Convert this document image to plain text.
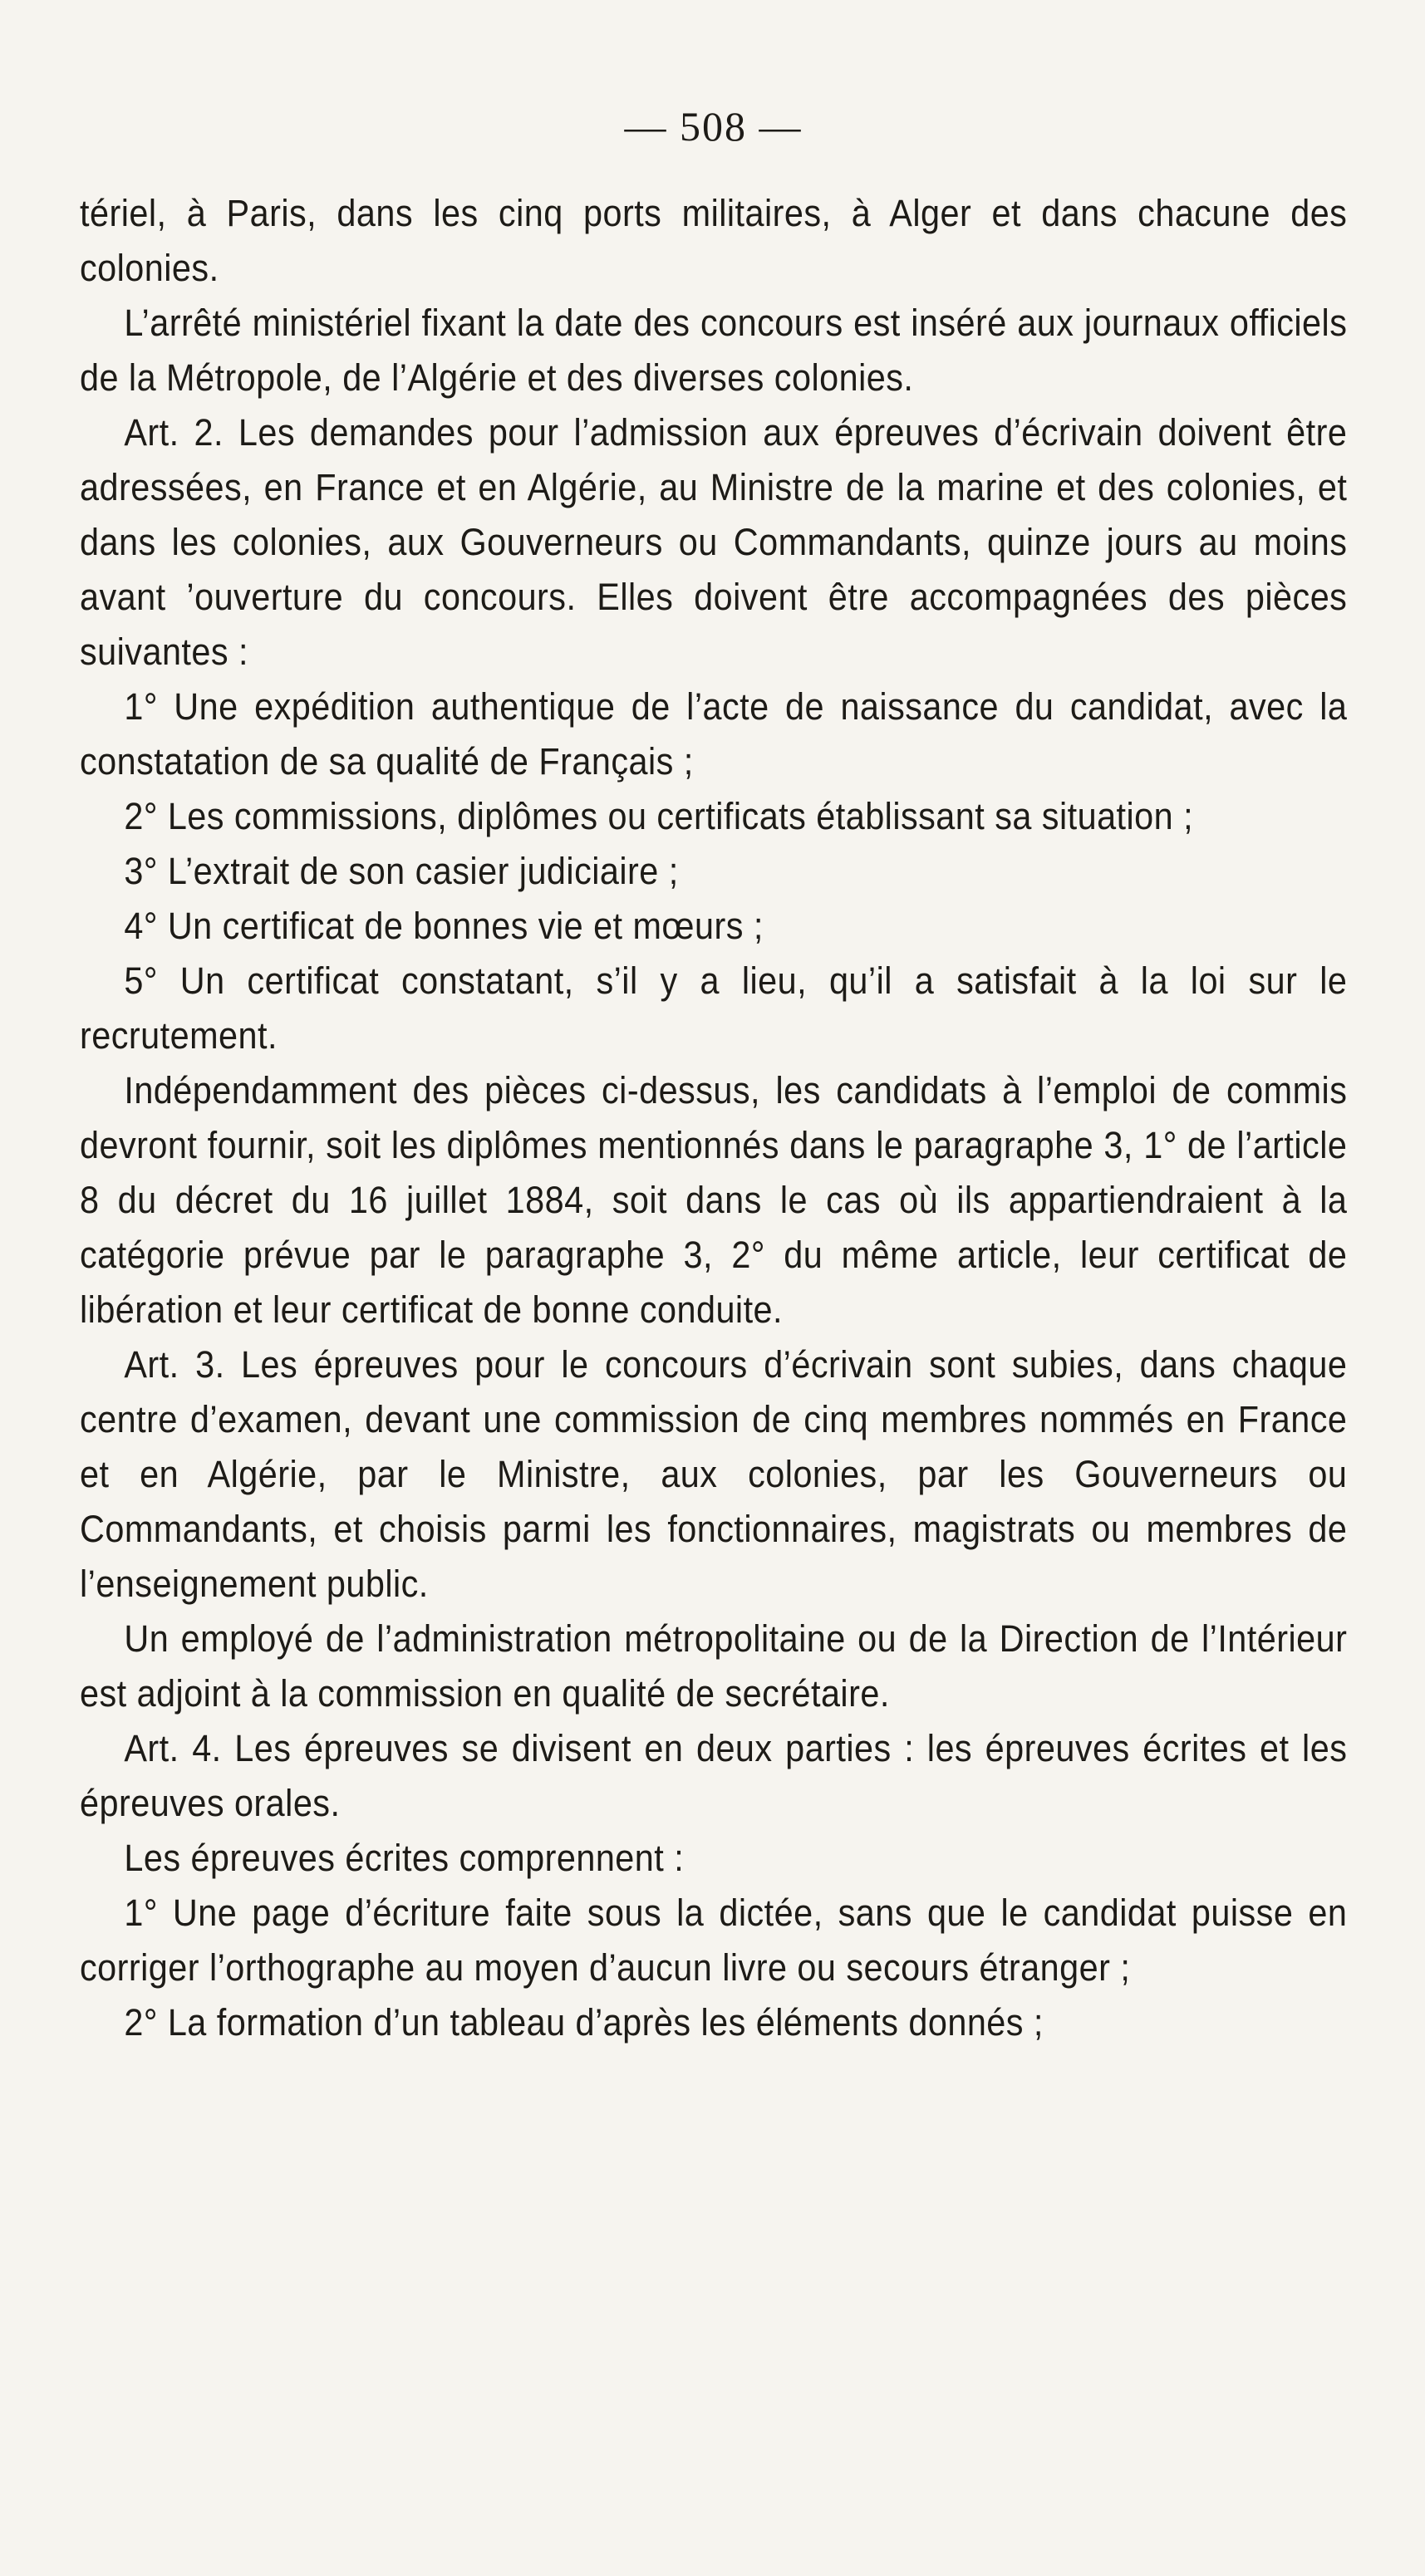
— 508 —

tériel, à Paris, dans les cinq ports militaires, à Alger et dans chacune des colonies.

L’arrêté ministériel fixant la date des concours est inséré aux journaux officiels de la Métropole, de l’Algérie et des diverses colonies.

Art. 2. Les demandes pour l’admission aux épreuves d’écrivain doivent être adressées, en France et en Algérie, au Ministre de la marine et des colonies, et dans les colonies, aux Gouverneurs ou Commandants, quinze jours au moins avant ’ouverture du concours. Elles doivent être accompagnées des pièces suivantes :

1° Une expédition authentique de l’acte de naissance du candidat, avec la constatation de sa qualité de Français ;

2° Les commissions, diplômes ou certificats établissant sa situation ;

3° L’extrait de son casier judiciaire ;

4° Un certificat de bonnes vie et mœurs ;

5° Un certificat constatant, s’il y a lieu, qu’il a satisfait à la loi sur le recrutement.

Indépendamment des pièces ci-dessus, les candidats à l’emploi de commis devront fournir, soit les diplômes mentionnés dans le paragraphe 3, 1° de l’article 8 du décret du 16 juillet 1884, soit dans le cas où ils appartiendraient à la catégorie prévue par le paragraphe 3, 2° du même article, leur certificat de libération et leur certificat de bonne conduite.

Art. 3. Les épreuves pour le concours d’écrivain sont subies, dans chaque centre d’examen, devant une commission de cinq membres nommés en France et en Algérie, par le Ministre, aux colonies, par les Gouverneurs ou Commandants, et choisis parmi les fonctionnaires, magistrats ou membres de l’enseignement public.

Un employé de l’administration métropolitaine ou de la Direction de l’Intérieur est adjoint à la commission en qualité de secrétaire.

Art. 4. Les épreuves se divisent en deux parties : les épreuves écrites et les épreuves orales.

Les épreuves écrites comprennent :

1° Une page d’écriture faite sous la dictée, sans que le candidat puisse en corriger l’orthographe au moyen d’aucun livre ou secours étranger ;

2° La formation d’un tableau d’après les éléments donnés ;
